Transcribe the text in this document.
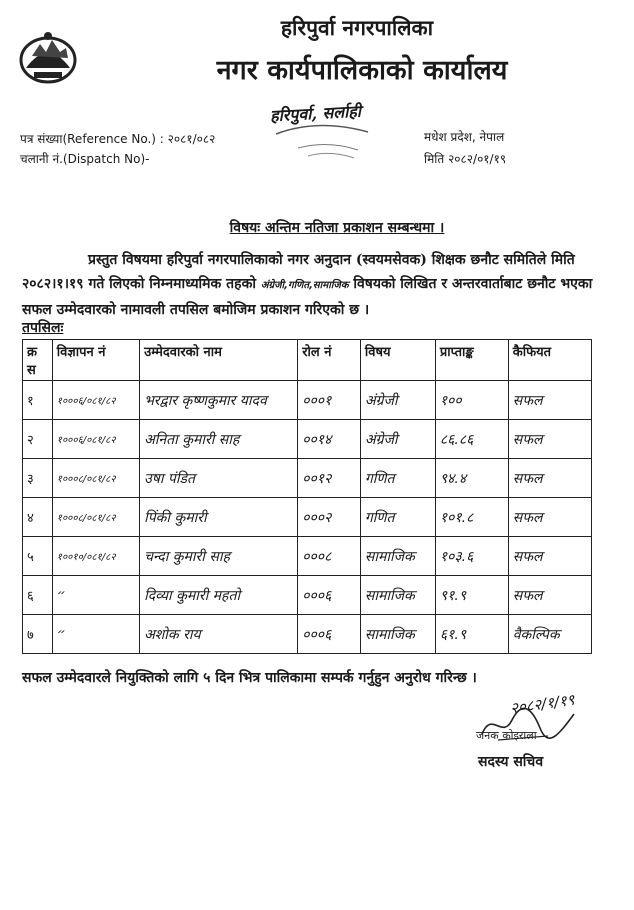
हरिपुर्वा नगरपालिका
नगर कार्यपालिकाको कार्यालय
हरिपुर्वा, सर्लाही
पत्र संख्या(Reference No.) : २०८१/०८२
चलानी नं.(Dispatch No)-
मधेश प्रदेश, नेपाल
मिति २०८२/०१/१९
विषयः अन्तिम नतिजा प्रकाशन सम्बन्धमा ।
प्रस्तुत विषयमा हरिपुर्वा नगरपालिकाको नगर अनुदान (स्वयमसेवक) शिक्षक छनौट समितिले मिति २०८२।१।१९ गते लिएको निम्नमाध्यमिक तहको अंग्रेजी,गणित,सामाजिक विषयको लिखित र अन्तरवार्ताबाट छनौट भएका सफल उम्मेदवारको नामावली तपसिल बमोजिम प्रकाशन गरिएको छ ।
तपसिलः
क्र स	विज्ञापन नं	उम्मेदवारको नाम	रोल नं	विषय	प्राप्ताङ्क	कैफियत
१	१०००६/०८१/८२	भरद्वार कृष्णकुमार यादव	०००१	अंग्रेजी	१००	सफल
२	१०००६/०८१/८२	अनिता कुमारी साह	००१४	अंग्रेजी	८६.८६	सफल
३	१०००८/०८१/८२	उषा पंडित	००१२	गणित	९४.४	सफल
४	१०००८/०८१/८२	पिंकी कुमारी	०००२	गणित	१०१.८	सफल
५	१००१०/०८१/८२	चन्दा कुमारी साह	०००८	सामाजिक	१०३.६	सफल
६	״	दिव्या कुमारी महतो	०००६	सामाजिक	९१.९	सफल
७	״	अशोक राय	०००६	सामाजिक	६१.९	वैकल्पिक
सफल उम्मेदवारले नियुक्तिको लागि ५ दिन भित्र पालिकामा सम्पर्क गर्नुहुन अनुरोध गरिन्छ ।
२०८२/१/१९
जनक कोइराला
सदस्य सचिव
